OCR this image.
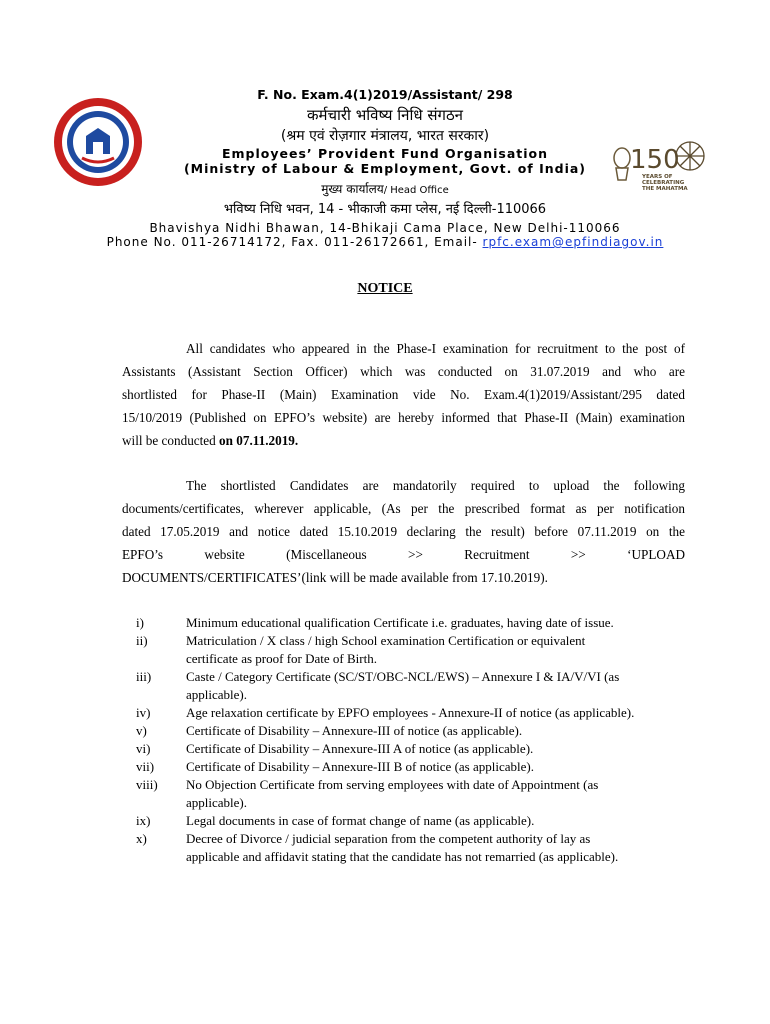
150
YEARS OF
CELEBRATING
THE MAHATMA
F. No. Exam.4(1)2019/Assistant/ 298
कर्मचारी भविष्य निधि संगठन
(श्रम एवं रोज़गार मंत्रालय, भारत सरकार)
Employees’ Provident Fund Organisation
(Ministry of Labour & Employment, Govt. of India)
मुख्य कार्यालय/ Head Office
भविष्य निधि भवन, 14 - भीकाजी कमा प्लेस, नई दिल्ली-110066
Bhavishya Nidhi Bhawan, 14-Bhikaji Cama Place, New Delhi-110066
Phone No. 011-26714172, Fax. 011-26172661, Email- rpfc.exam@epfindiagov.in
NOTICE
All candidates who appeared in the Phase-I examination for recruitment to the post of
Assistants (Assistant Section Officer) which was conducted on 31.07.2019 and who are
shortlisted for Phase-II (Main) Examination vide No. Exam.4(1)2019/Assistant/295 dated
15/10/2019 (Published on EPFO’s website) are hereby informed that Phase-II (Main) examination
will be conducted on 07.11.2019.
The shortlisted Candidates are mandatorily required to upload the following
documents/certificates, wherever applicable, (As per the prescribed format as per notification
dated 17.05.2019 and notice dated 15.10.2019 declaring the result) before 07.11.2019 on the
EPFO’s website (Miscellaneous >> Recruitment >> ‘UPLOAD
DOCUMENTS/CERTIFICATES’(link will be made available from 17.10.2019).
i)	Minimum educational qualification Certificate i.e. graduates, having date of issue.
ii)	Matriculation / X class / high School examination Certification or equivalent certificate as proof for Date of Birth.
iii)	Caste / Category Certificate (SC/ST/OBC-NCL/EWS) – Annexure I & IA/V/VI (as applicable).
iv)	Age relaxation certificate by EPFO employees - Annexure-II of notice (as applicable).
v)	Certificate of Disability – Annexure-III of notice (as applicable).
vi)	Certificate of Disability – Annexure-III A of notice (as applicable).
vii)	Certificate of Disability – Annexure-III B of notice (as applicable).
viii)	No Objection Certificate from serving employees with date of Appointment (as applicable).
ix)	Legal documents in case of format change of name (as applicable).
x)	Decree of Divorce / judicial separation from the competent authority of lay as applicable and affidavit stating that the candidate has not remarried (as applicable).
